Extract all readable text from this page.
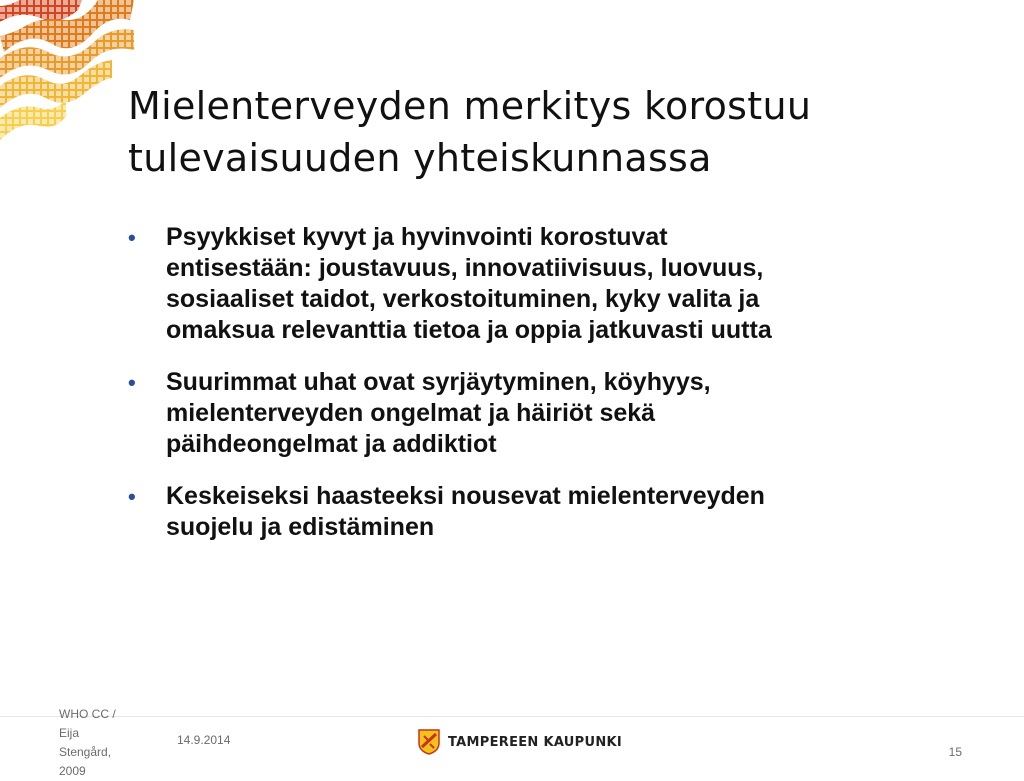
Mielenterveyden merkitys korostuu
tulevaisuuden yhteiskunnassa
• Psyykkiset kyvyt ja hyvinvointi korostuvat
entisestään: joustavuus, innovatiivisuus, luovuus,
sosiaaliset taidot, verkostoituminen, kyky valita ja
omaksua relevanttia tietoa ja oppia jatkuvasti uutta
• Suurimmat uhat ovat syrjäytyminen, köyhyys,
mielenterveyden ongelmat ja häiriöt sekä
päihdeongelmat ja addiktiot
• Keskeiseksi haasteeksi nousevat mielenterveyden
suojelu ja edistäminen
WHO CC /
Eija
Stengård,
2009
14.9.2014	TAMPEREEN KAUPUNKI
15
